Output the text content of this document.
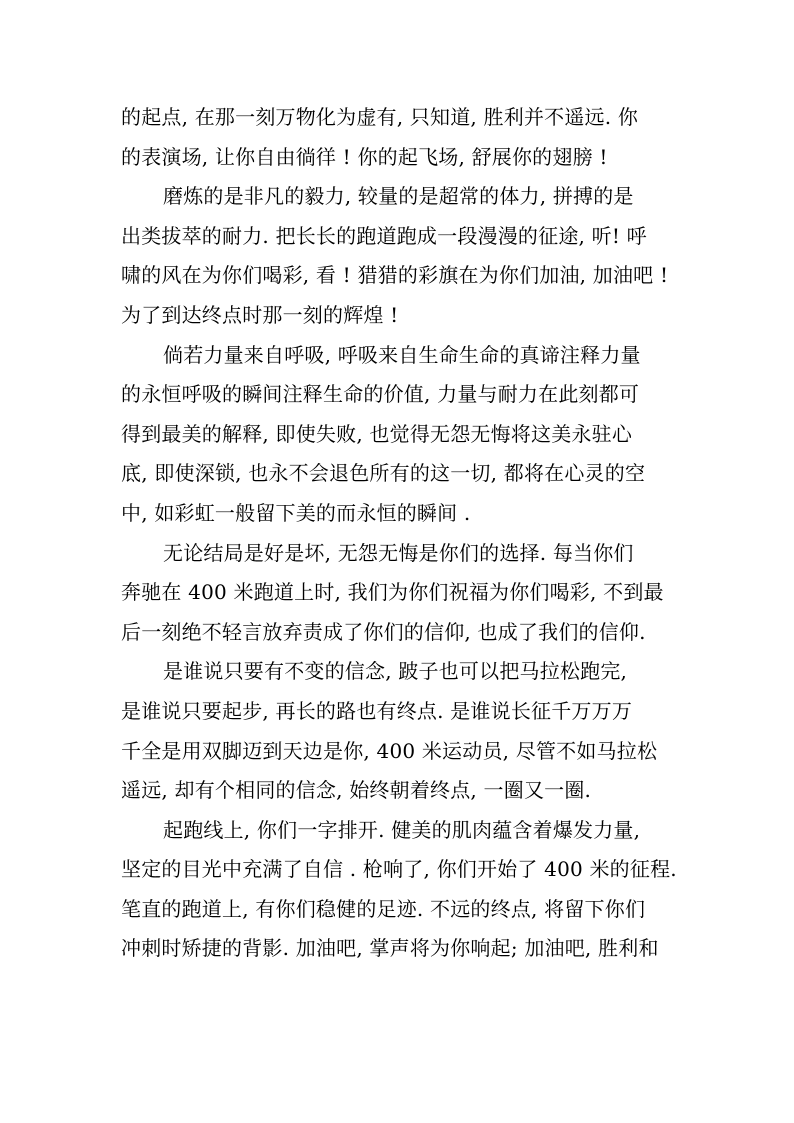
的起点, 在那一刻万物化为虚有, 只知道, 胜利并不遥远. 你
的表演场, 让你自由徜徉 ! 你的起飞场, 舒展你的翅膀 !
磨炼的是非凡的毅力, 较量的是超常的体力, 拼搏的是
出类拔萃的耐力. 把长长的跑道跑成一段漫漫的征途, 听! 呼
啸的风在为你们喝彩, 看 ! 猎猎的彩旗在为你们加油, 加油吧 !
为了到达终点时那一刻的辉煌 !
倘若力量来自呼吸, 呼吸来自生命生命的真谛注释力量
的永恒呼吸的瞬间注释生命的价值, 力量与耐力在此刻都可
得到最美的解释, 即使失败, 也觉得无怨无悔将这美永驻心
底, 即使深锁, 也永不会退色所有的这一切, 都将在心灵的空
中, 如彩虹一般留下美的而永恒的瞬间 .
无论结局是好是坏, 无怨无悔是你们的选择. 每当你们
奔驰在 400 米跑道上时, 我们为你们祝福为你们喝彩, 不到最
后一刻绝不轻言放弃责成了你们的信仰, 也成了我们的信仰.
是谁说只要有不变的信念, 跛子也可以把马拉松跑完,
是谁说只要起步, 再长的路也有终点. 是谁说长征千万万万
千全是用双脚迈到天边是你, 400 米运动员, 尽管不如马拉松
遥远, 却有个相同的信念, 始终朝着终点, 一圈又一圈.
起跑线上, 你们一字排开. 健美的肌肉蕴含着爆发力量,
坚定的目光中充满了自信 . 枪响了, 你们开始了 400 米的征程.
笔直的跑道上, 有你们稳健的足迹. 不远的终点, 将留下你们
冲刺时矫捷的背影. 加油吧, 掌声将为你响起; 加油吧, 胜利和
